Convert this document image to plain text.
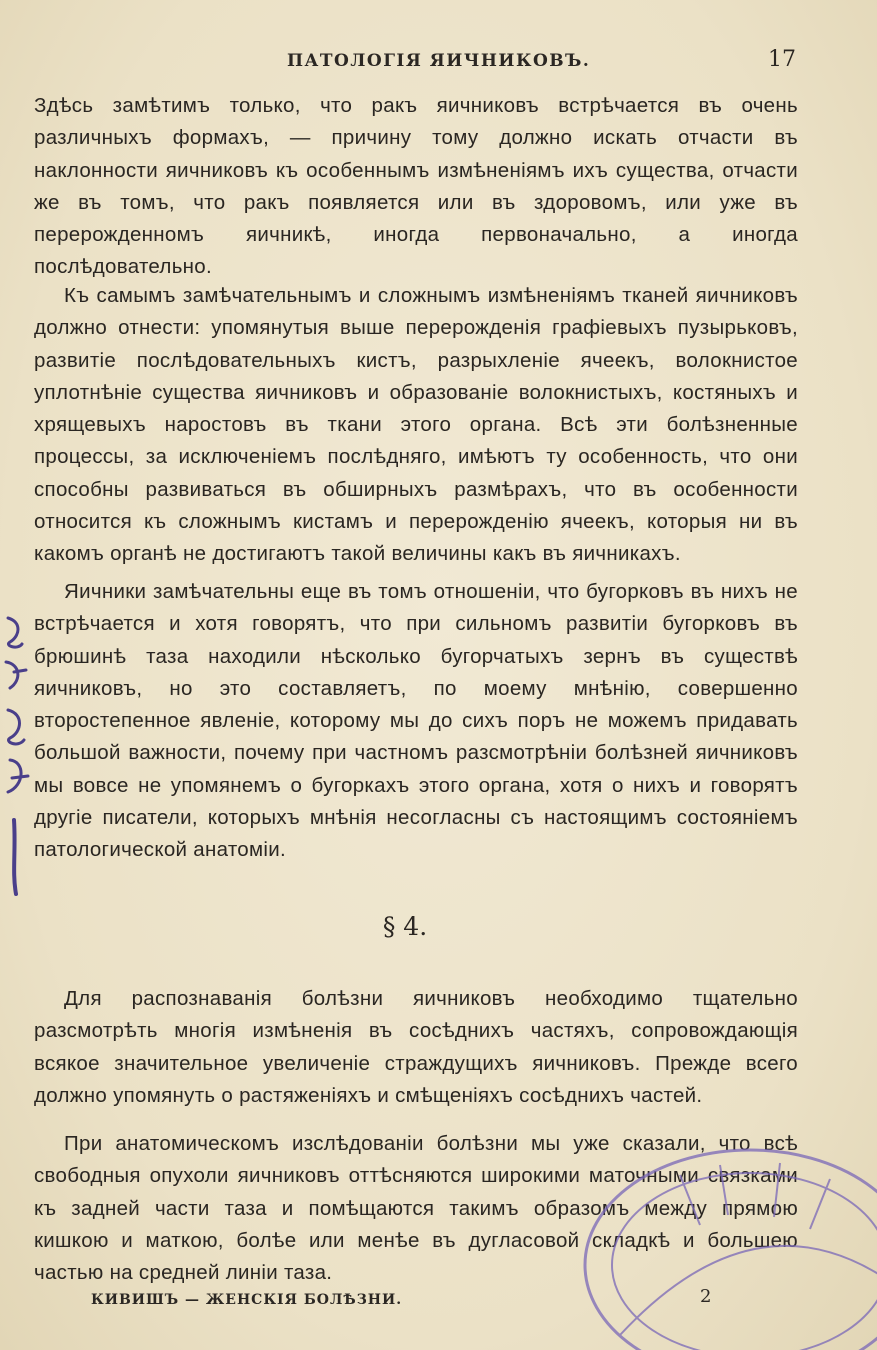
ПАТОЛОГІЯ ЯИЧНИКОВЪ.	17

Здѣсь замѣтимъ только, что ракъ яичниковъ встрѣчается въ очень различныхъ формахъ, — причину тому должно искать отчасти въ наклонности яичниковъ къ особеннымъ измѣненіямъ ихъ существа, отчасти же въ томъ, что ракъ появляется или въ здоровомъ, или уже въ перерожденномъ яичникѣ, иногда первоначально, а иногда послѣдовательно.

Къ самымъ замѣчательнымъ и сложнымъ измѣненіямъ тканей яичниковъ должно отнести: упомянутыя выше перерожденія графіевыхъ пузырьковъ, развитіе послѣдовательныхъ кистъ, разрыхленіе ячеекъ, волокнистое уплотнѣніе существа яичниковъ и образованіе волокнистыхъ, костяныхъ и хрящевыхъ наростовъ въ ткани этого органа. Всѣ эти болѣзненные процессы, за исключеніемъ послѣдняго, имѣютъ ту особенность, что они способны развиваться въ обширныхъ размѣрахъ, что въ особенности относится къ сложнымъ кистамъ и перерожденію ячеекъ, которыя ни въ какомъ органѣ не достигаютъ такой величины какъ въ яичникахъ.

Яичники замѣчательны еще въ томъ отношеніи, что бугорковъ въ нихъ не встрѣчается и хотя говорятъ, что при сильномъ развитіи бугорковъ въ брюшинѣ таза находили нѣсколько бугорчатыхъ зернъ въ существѣ яичниковъ, но это составляетъ, по моему мнѣнію, совершенно второстепенное явленіе, которому мы до сихъ поръ не можемъ придавать большой важности, почему при частномъ разсмотрѣніи болѣзней яичниковъ мы вовсе не упомянемъ о бугоркахъ этого органа, хотя о нихъ и говорятъ другіе писатели, которыхъ мнѣнія несогласны съ настоящимъ состояніемъ патологической анатоміи.

§ 4.

Для распознаванія болѣзни яичниковъ необходимо тщательно разсмотрѣть многія измѣненія въ сосѣднихъ частяхъ, сопровождающія всякое значительное увеличеніе страждущихъ яичниковъ. Прежде всего должно упомянуть о растяженіяхъ и смѣщеніяхъ сосѣднихъ частей.

При анатомическомъ изслѣдованіи болѣзни мы уже сказали, что всѣ свободныя опухоли яичниковъ оттѣсняются широкими маточными связками къ задней части таза и помѣщаются такимъ образомъ между прямою кишкою и маткою, болѣе или менѣе въ дугласовой складкѣ и большею частью на средней линіи таза.

КИВИШЪ — ЖЕНСКІЯ БОЛѢЗНИ.	2
